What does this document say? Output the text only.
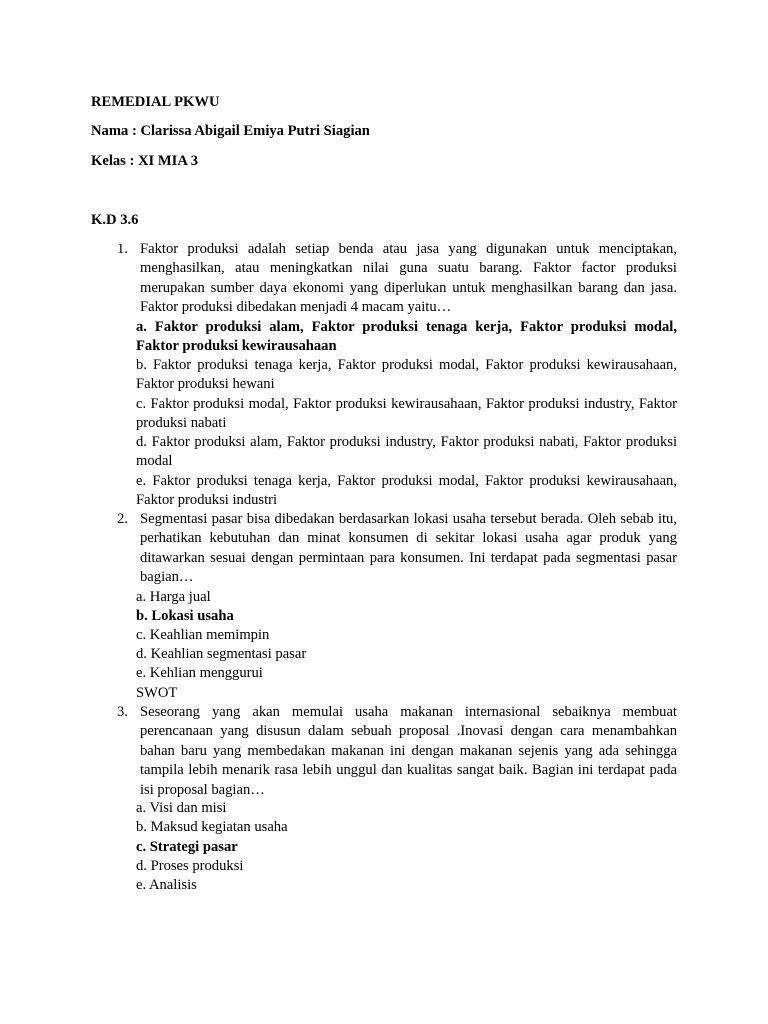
REMEDIAL PKWU
Nama : Clarissa Abigail Emiya Putri Siagian
Kelas : XI MIA 3
K.D 3.6
1. Faktor produksi adalah setiap benda atau jasa yang digunakan untuk menciptakan, menghasilkan, atau meningkatkan nilai guna suatu barang. Faktor factor produksi merupakan sumber daya ekonomi yang diperlukan untuk menghasilkan barang dan jasa. Faktor produksi dibedakan menjadi 4 macam yaitu…
a. Faktor produksi alam, Faktor produksi tenaga kerja, Faktor produksi modal, Faktor produksi kewirausahaan
b. Faktor produksi tenaga kerja, Faktor produksi modal, Faktor produksi kewirausahaan, Faktor produksi hewani
c. Faktor produksi modal, Faktor produksi kewirausahaan, Faktor produksi industry, Faktor produksi nabati
d. Faktor produksi alam, Faktor produksi industry, Faktor produksi nabati, Faktor produksi modal
e. Faktor produksi tenaga kerja, Faktor produksi modal, Faktor produksi kewirausahaan, Faktor produksi industri
2. Segmentasi pasar bisa dibedakan berdasarkan lokasi usaha tersebut berada. Oleh sebab itu, perhatikan kebutuhan dan minat konsumen di sekitar lokasi usaha agar produk yang ditawarkan sesuai dengan permintaan para konsumen. Ini terdapat pada segmentasi pasar bagian…
a. Harga jual
b. Lokasi usaha
c. Keahlian memimpin
d. Keahlian segmentasi pasar
e. Kehlian menggurui
SWOT
3. Seseorang yang akan memulai usaha makanan internasional sebaiknya membuat perencanaan yang disusun dalam sebuah proposal .Inovasi dengan cara menambahkan bahan baru yang membedakan makanan ini dengan makanan sejenis yang ada sehingga tampila lebih menarik rasa lebih unggul dan kualitas sangat baik. Bagian ini terdapat pada isi proposal bagian…
a. Visi dan misi
b. Maksud kegiatan usaha
c. Strategi pasar
d. Proses produksi
e. Analisis
